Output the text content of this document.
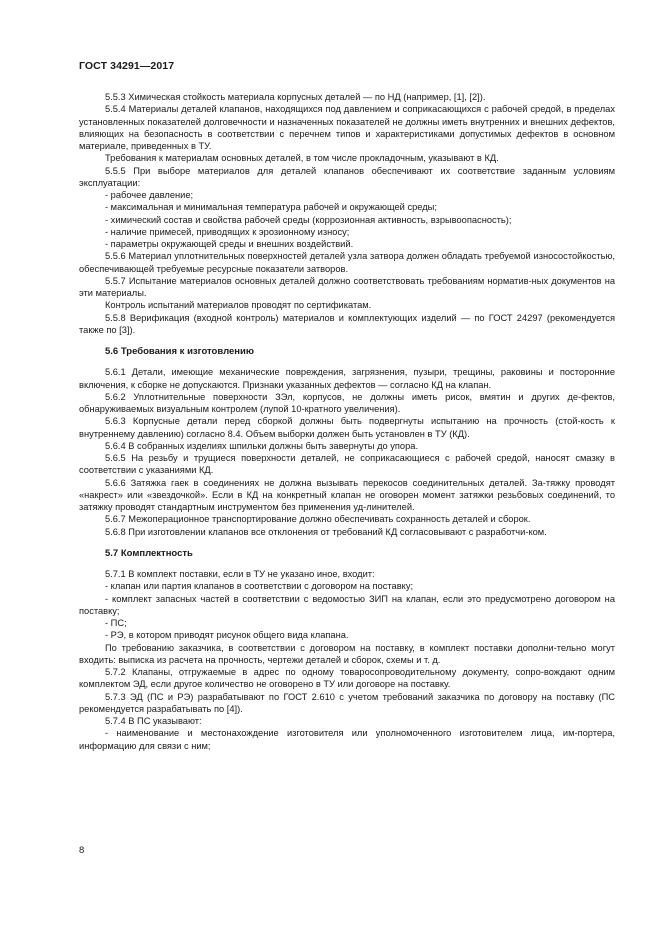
ГОСТ 34291—2017

5.5.3 Химическая стойкость материала корпусных деталей — по НД (например, [1], [2]).

5.5.4 Материалы деталей клапанов, находящихся под давлением и соприкасающихся с рабочей средой, в пределах установленных показателей долговечности и назначенных показателей не должны иметь внутренних и внешних дефектов, влияющих на безопасность в соответствии с перечнем типов и характеристиками допустимых дефектов в основном материале, приведенных в ТУ.

Требования к материалам основных деталей, в том числе прокладочным, указывают в КД.

5.5.5 При выборе материалов для деталей клапанов обеспечивают их соответствие заданным условиям эксплуатации:

- рабочее давление;

- максимальная и минимальная температура рабочей и окружающей среды;

- химический состав и свойства рабочей среды (коррозионная активность, взрывоопасность);

- наличие примесей, приводящих к эрозионному износу;

- параметры окружающей среды и внешних воздействий.

5.5.6 Материал уплотнительных поверхностей деталей узла затвора должен обладать требуемой износостойкостью, обеспечивающей требуемые ресурсные показатели затворов.

5.5.7 Испытание материалов основных деталей должно соответствовать требованиям норматив-ных документов на эти материалы.

Контроль испытаний материалов проводят по сертификатам.

5.5.8 Верификация (входной контроль) материалов и комплектующих изделий — по ГОСТ 24297 (рекомендуется также по [3]).

5.6 Требования к изготовлению

5.6.1 Детали, имеющие механические повреждения, загрязнения, пузыри, трещины, раковины и посторонние включения, к сборке не допускаются. Признаки указанных дефектов — согласно КД на клапан.

5.6.2 Уплотнительные поверхности ЗЭл, корпусов, не должны иметь рисок, вмятин и других де-фектов, обнаруживаемых визуальным контролем (лупой 10-кратного увеличения).

5.6.3 Корпусные детали перед сборкой должны быть подвергнуты испытанию на прочность (стой-кость к внутреннему давлению) согласно 8.4. Объем выборки должен быть установлен в ТУ (КД).

5.6.4 В собранных изделиях шпильки должны быть завернуты до упора.

5.6.5 На резьбу и трущиеся поверхности деталей, не соприкасающиеся с рабочей средой, наносят смазку в соответствии с указаниями КД.

5.6.6 Затяжка гаек в соединениях не должна вызывать перекосов соединительных деталей. За-тяжку проводят «накрест» или «звездочкой». Если в КД на конкретный клапан не оговорен момент затяжки резьбовых соединений, то затяжку проводят стандартным инструментом без применения уд-линителей.

5.6.7 Межоперационное транспортирование должно обеспечивать сохранность деталей и сборок.

5.6.8 При изготовлении клапанов все отклонения от требований КД согласовывают с разработчи-ком.

5.7 Комплектность

5.7.1 В комплект поставки, если в ТУ не указано иное, входит:

- клапан или партия клапанов в соответствии с договором на поставку;

- комплект запасных частей в соответствии с ведомостью ЗИП на клапан, если это предусмотрено договором на поставку;

- ПС;

- РЭ, в котором приводят рисунок общего вида клапана.

По требованию заказчика, в соответствии с договором на поставку, в комплект поставки дополни-тельно могут входить: выписка из расчета на прочность, чертежи деталей и сборок, схемы и т. д.

5.7.2 Клапаны, отгружаемые в адрес по одному товаросопроводительному документу, сопро-вождают одним комплектом ЭД, если другое количество не оговорено в ТУ или договоре на поставку.

5.7.3 ЭД (ПС и РЭ) разрабатывают по ГОСТ 2.610 с учетом требований заказчика по договору на поставку (ПС рекомендуется разрабатывать по [4]).

5.7.4 В ПС указывают:

- наименование и местонахождение изготовителя или уполномоченного изготовителем лица, им-портера, информацию для связи с ним;

8
